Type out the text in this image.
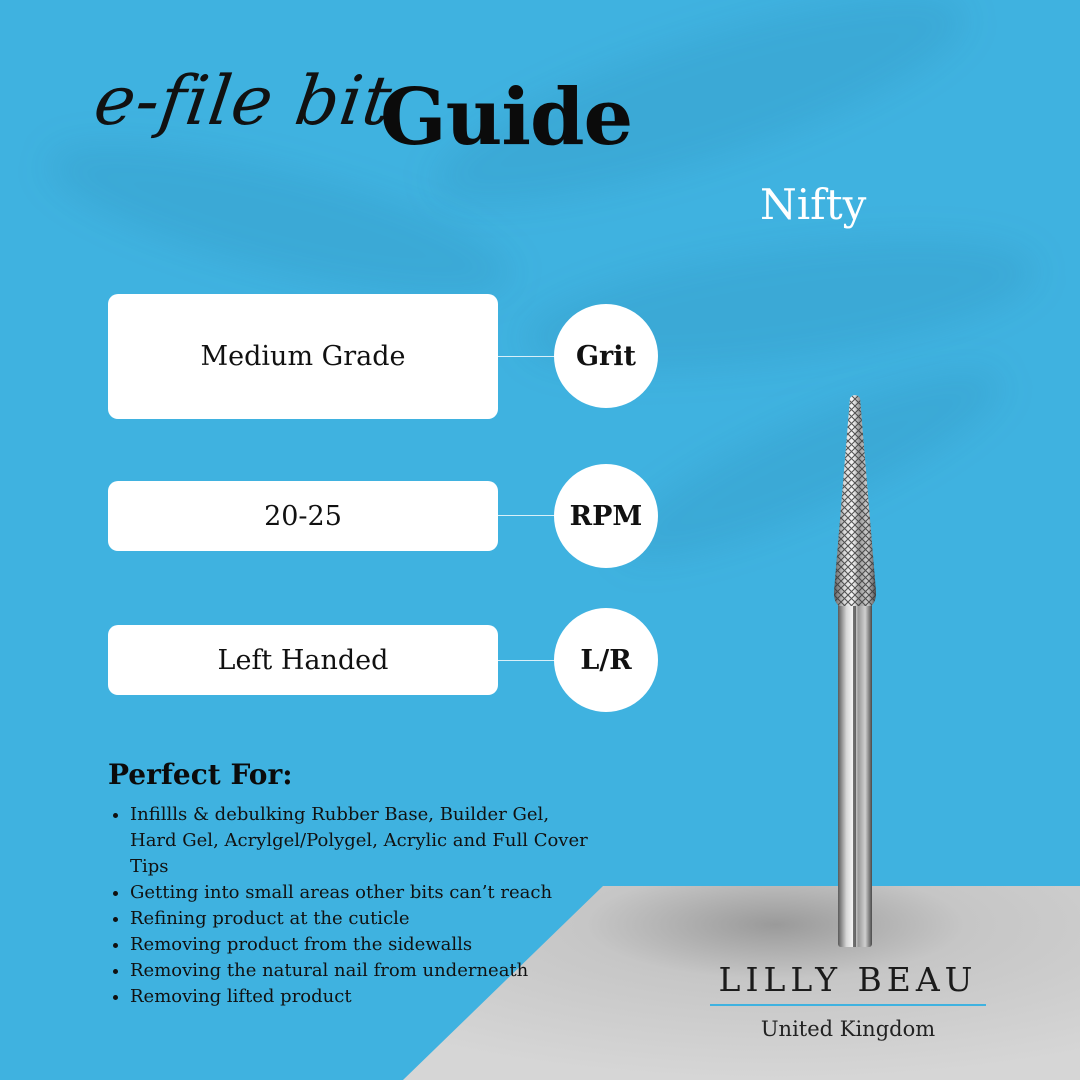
e-file bit
Guide
Nifty
Medium Grade	Grit
20-25	RPM
Left Handed	L/R
Perfect For:
• Infillls & debulking Rubber Base, Builder Gel, Hard Gel, Acrylgel/Polygel, Acrylic and Full Cover Tips
• Getting into small areas other bits can’t reach
• Refining product at the cuticle
• Removing product from the sidewalls
• Removing the natural nail from underneath
• Removing lifted product	LILLY BEAU
United Kingdom
